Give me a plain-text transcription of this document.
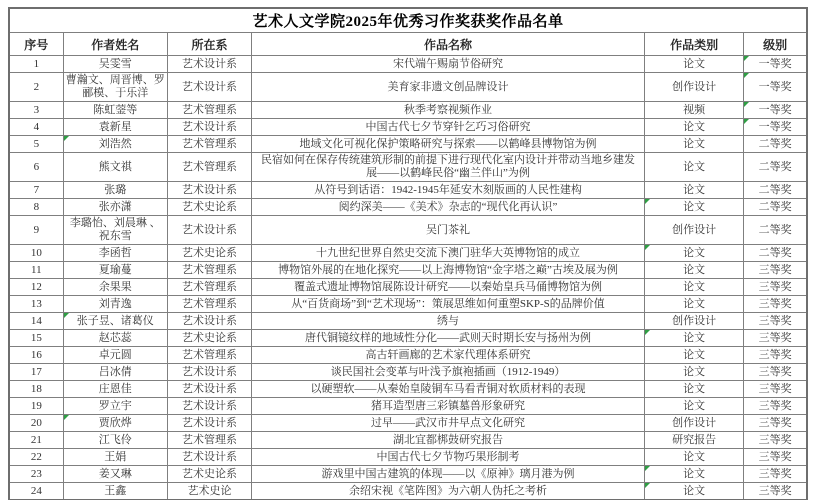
艺术人文学院2025年优秀习作奖获奖作品名单					
序号	作者姓名	所在系	作品名称	作品类别	级别
1	吴雯雪	艺术设计系	宋代端午赐扇节俗研究	论文	一等奖

2	曹瀚文、周晋博、罗郦模、于乐洋	艺术设计系	美育家非遗文创品牌设计	创作设计	一等奖

3	陈虹蓥等	艺术管理系	秋季考察视频作业	视频	一等奖

4	袁新星	艺术设计系	中国古代七夕节穿针乞巧习俗研究	论文	一等奖

5	刘浩然	艺术管理系	地域文化可视化保护策略研究与探索——以鹤峰县博物馆为例	论文	二等奖
6	熊文祺	艺术管理系	民宿如何在保存传统建筑形制的前提下进行现代化室内设计并带动当地乡建发展——以鹤峰民俗“幽兰伴山”为例	论文	二等奖
7	张璐	艺术设计系	从符号到话语：1942-1945年延安木刻版画的人民性建构	论文	二等奖
8	张亦潇	艺术史论系	阅约深美——《美术》杂志的“现代化再认识”	论文	二等奖
9	李璐怡、刘晨琳 、祝东雪	艺术设计系	吴门茶礼	创作设计	二等奖
10	李函哲	艺术史论系	十九世纪世界自然史交流下澳门驻华大英博物馆的成立	论文	二等奖
11	夏瑜蔓	艺术管理系	博物馆外展的在地化探究——以上海博物馆“金字塔之巅”古埃及展为例	论文	三等奖
12	余果果	艺术管理系	覆盖式遗址博物馆展陈设计研究——以秦始皇兵马俑博物馆为例	论文	三等奖
13	刘青逸	艺术管理系	从“百货商场”到“艺术现场”：策展思维如何重塑SKP-S的品牌价值	论文	三等奖
14	张子昱、诸葛仪	艺术设计系	绣与	创作设计	三等奖
15	赵芯蕊	艺术史论系	唐代铜镜纹样的地域性分化——武则天时期长安与扬州为例	论文	三等奖
16	卓元圆	艺术管理系	高古轩画廊的艺术家代理体系研究	论文	三等奖
17	吕冰倩	艺术设计系	谈民国社会变革与叶浅予旗袍插画（1912-1949）	论文	三等奖
18	庄恩佳	艺术设计系	以硬塑软——从秦始皇陵铜车马看青铜对软质材料的表现	论文	三等奖
19	罗立宇	艺术设计系	猪耳造型唐三彩镇墓兽形象研究	论文	三等奖
20	贾欣烨	艺术设计系	过早——武汉市井早点文化研究	创作设计	三等奖
21	江飞伶	艺术管理系	湖北宜都梆鼓研究报告	研究报告	三等奖
22	王娟	艺术设计系	中国古代七夕节物巧果形制考	论文	三等奖
23	姜又琳	艺术史论系	游戏里中国古建筑的体现——以《原神》璃月港为例	论文	三等奖
24	王鑫	艺术史论	余绍宋视《笔阵图》为六朝人伪托之考析	论文	三等奖
